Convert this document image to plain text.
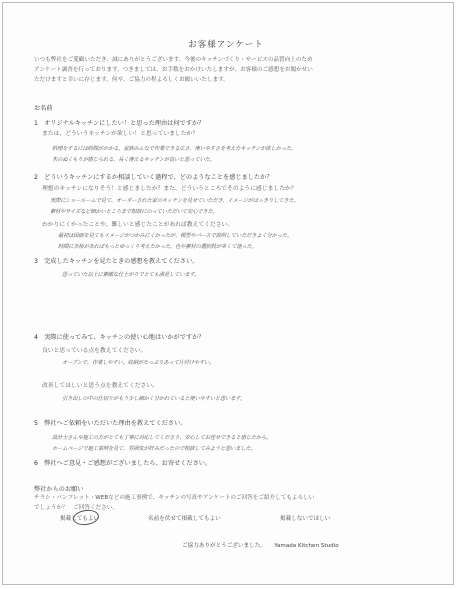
お客様アンケート
いつも弊社をご愛顧いただき、誠にありがとうございます。今後のキッチンづくり・サービスの品質向上のため
アンケート調査を行っております。つきましては、お手数をおかけいたしますが、お客様のご感想をお聞かせい
ただけますと幸いに存じます。何卒、ご協力の程よろしくお願いいたします。
お名前
1　オリジナルキッチンにしたい！と思った理由は何ですか？
または、どういうキッチンが欲しい！と思っていましたか？
料理をするには時間がかかる。家族みんなで作業できる広さ、使いやすさを考えたキッチンが欲しかった。
木のぬくもりが感じられる、長く使えるキッチンが良いと思っていた。
2　どういうキッチンにするか相談していく過程で、どのようなことを感じましたか？
理想のキッチンになりそう！と感じましたか？また、どういうところでそのように感じましたか？
実際にショールームで見て、オーダーされた家のキッチンを見せていただき、イメージがはっきりしてきた。
素材やサイズなど細かいところまで相談にのっていただいて安心できた。
わかりにくかったことや、難しいと感じたことがあれば教えてください。
最初は図面を見てもイメージがつかみにくかったが、模型やパースで説明していただきよく分かった。
時間に余裕があればもっとゆっくり考えたかった。色や素材の選択肢が多くて迷った。
3　完成したキッチンを見たときの感想を教えてください。
思っていた以上に素敵な仕上がりでとても満足しています。
4　実際に使ってみて、キッチンの使い心地はいかがですか？
良いと思っている点を教えてください。
オープンで、作業しやすい。収納がたっぷりあって片付けやすい。
改善してほしいと思う点を教えてください。
引き出しの中の仕切りがもう少し細かく分かれていると使いやすいと思います。
5　弊社へご依頼をいただいた理由を教えてください。
設計士さんや施工の方がとても丁寧に対応してくださり、安心してお任せできると感じたから。
ホームページで施工事例を見て、雰囲気が好みだったので相談してみようと思いました。
6　弊社へご意見・ご感想がございましたら、お寄せください。
弊社からのお願い
チラシ・パンフレット・WEBなどの施工事例で、キッチンの写真やアンケートのご回答をご紹介してもよろしい
でしょうか？　ご回答ください。
掲載してもよい	名前を伏せて掲載してもよい	掲載しないでほしい
ご協力ありがとうございました。　　Yamada Kitchen Studio
